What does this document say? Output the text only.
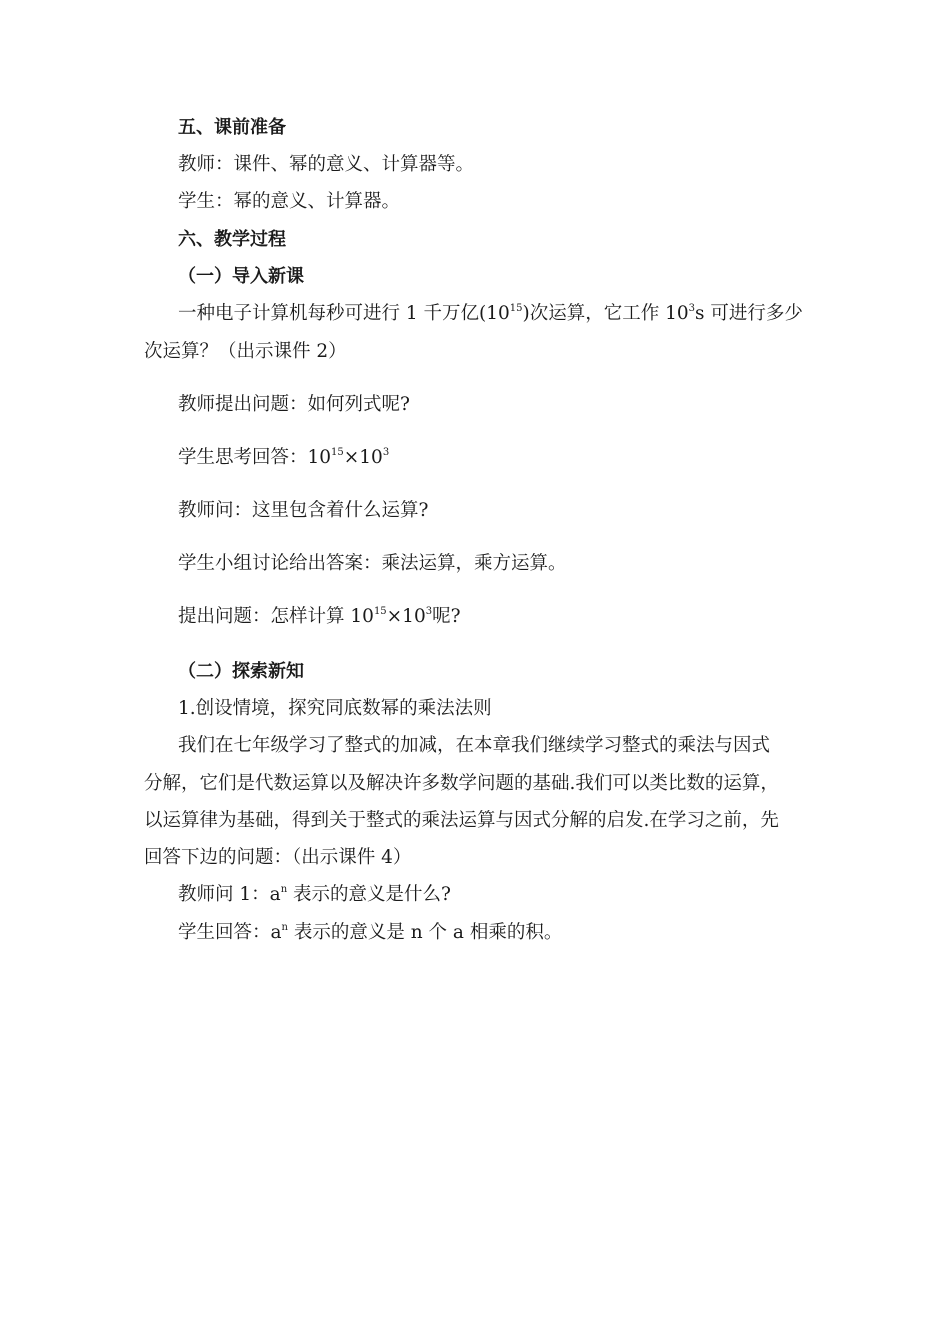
五、课前准备
教师：课件、幂的意义、计算器等。
学生：幂的意义、计算器。
六、教学过程
（一）导入新课
一种电子计算机每秒可进行 1 千万亿$(10^{15})$次运算，它工作 $10^3s$ 可进行多少
次运算？（出示课件 2）
教师提出问题：如何列式呢?
学生思考回答：$10^{15}\times 10^3$
教师问：这里包含着什么运算?
学生小组讨论给出答案：乘法运算，乘方运算。
提出问题：怎样计算 $10^{15}\times 10^3$呢?
（二）探索新知
1.创设情境，探究同底数幂的乘法法则
我们在七年级学习了整式的加减，在本章我们继续学习整式的乘法与因式
分解，它们是代数运算以及解决许多数学问题的基础.我们可以类比数的运算，
以运算律为基础，得到关于整式的乘法运算与因式分解的启发.在学习之前，先
回答下边的问题：（出示课件 4）
教师问 1：$a^n$ 表示的意义是什么?
学生回答：$a^n$ 表示的意义是 n 个 a 相乘的积。
